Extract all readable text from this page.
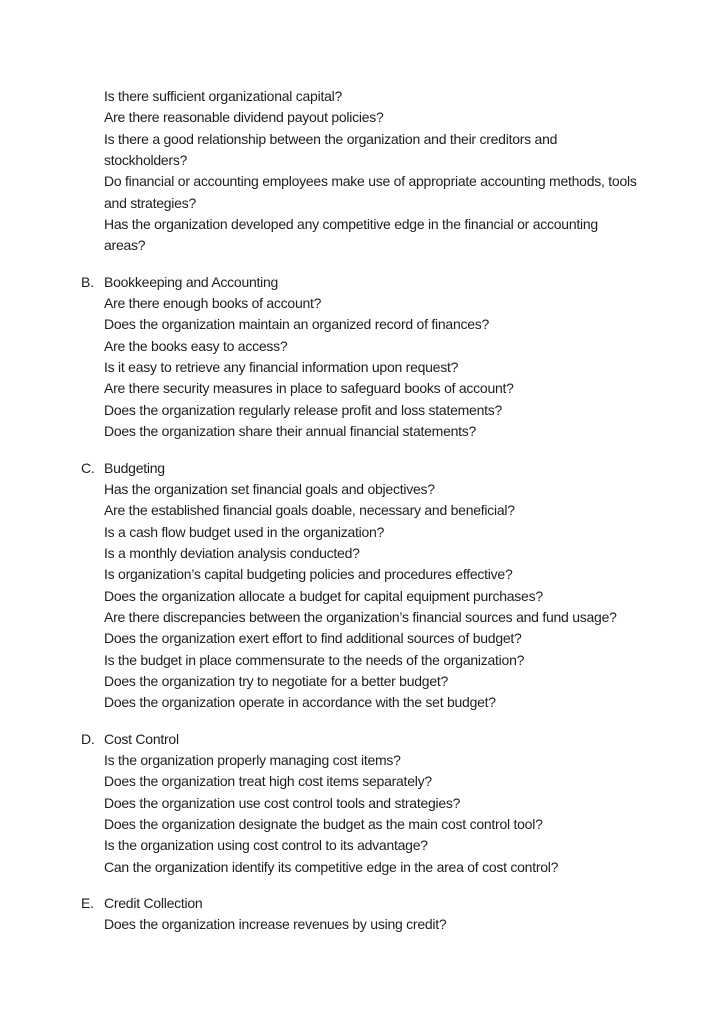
Is there sufficient organizational capital?
Are there reasonable dividend payout policies?
Is there a good relationship between the organization and their creditors and
stockholders?
Do financial or accounting employees make use of appropriate accounting methods, tools
and strategies?
Has the organization developed any competitive edge in the financial or accounting
areas?
B. Bookkeeping and Accounting
Are there enough books of account?
Does the organization maintain an organized record of finances?
Are the books easy to access?
Is it easy to retrieve any financial information upon request?
Are there security measures in place to safeguard books of account?
Does the organization regularly release profit and loss statements?
Does the organization share their annual financial statements?
C. Budgeting
Has the organization set financial goals and objectives?
Are the established financial goals doable, necessary and beneficial?
Is a cash flow budget used in the organization?
Is a monthly deviation analysis conducted?
Is organization’s capital budgeting policies and procedures effective?
Does the organization allocate a budget for capital equipment purchases?
Are there discrepancies between the organization’s financial sources and fund usage?
Does the organization exert effort to find additional sources of budget?
Is the budget in place commensurate to the needs of the organization?
Does the organization try to negotiate for a better budget?
Does the organization operate in accordance with the set budget?
D. Cost Control
Is the organization properly managing cost items?
Does the organization treat high cost items separately?
Does the organization use cost control tools and strategies?
Does the organization designate the budget as the main cost control tool?
Is the organization using cost control to its advantage?
Can the organization identify its competitive edge in the area of cost control?
E. Credit Collection
Does the organization increase revenues by using credit?
